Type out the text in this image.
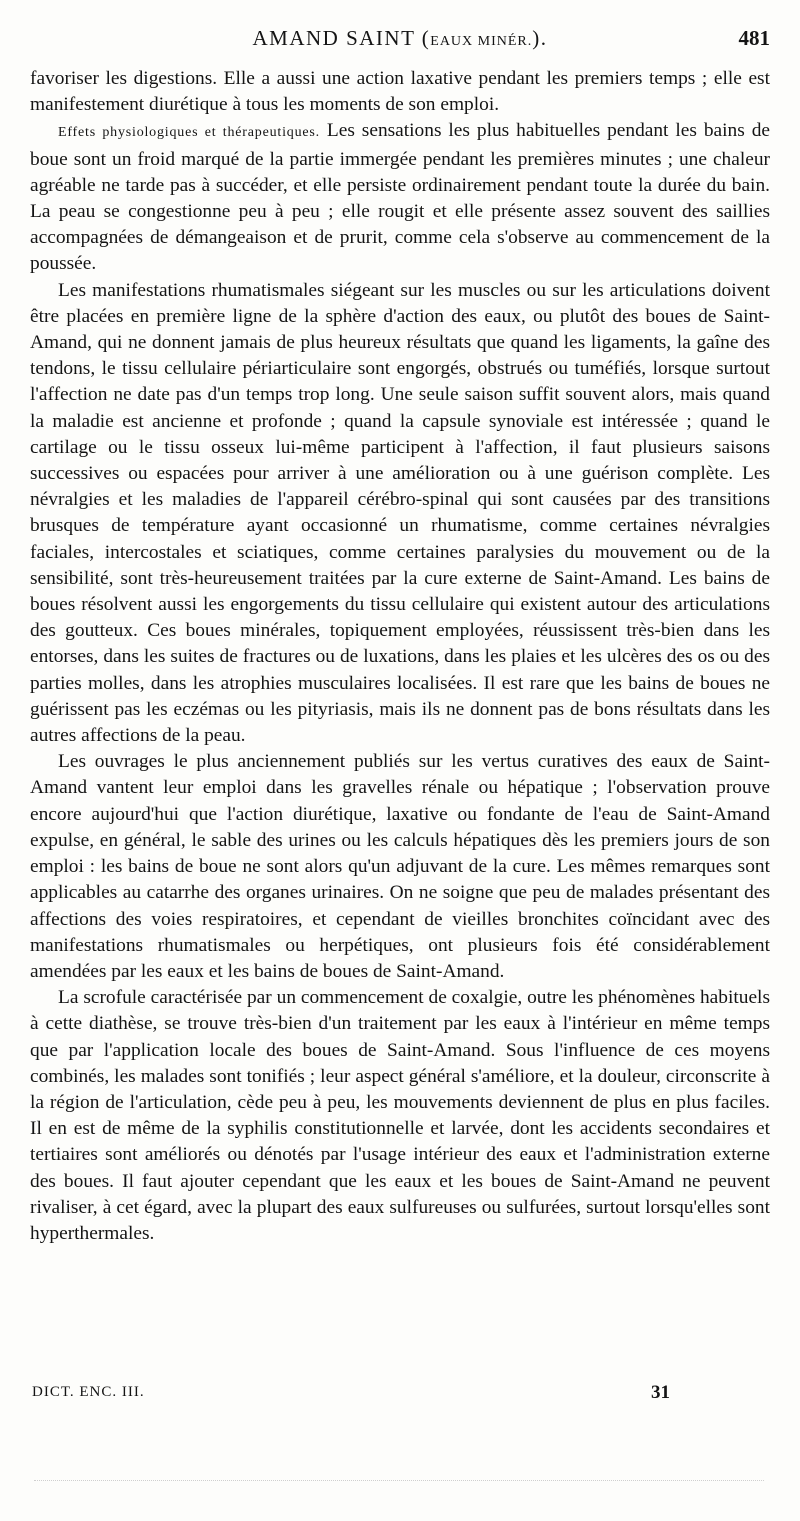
AMAND SAINT (EAUX MINÉR.).	481

favoriser les digestions. Elle a aussi une action laxative pendant les premiers temps ; elle est manifestement diurétique à tous les moments de son emploi.

Effets physiologiques et thérapeutiques. Les sensations les plus habituelles pendant les bains de boue sont un froid marqué de la partie immergée pendant les premières minutes ; une chaleur agréable ne tarde pas à succéder, et elle persiste ordinairement pendant toute la durée du bain. La peau se congestionne peu à peu ; elle rougit et elle présente assez souvent des saillies accompagnées de démangeaison et de prurit, comme cela s'observe au commencement de la poussée.

Les manifestations rhumatismales siégeant sur les muscles ou sur les articulations doivent être placées en première ligne de la sphère d'action des eaux, ou plutôt des boues de Saint-Amand, qui ne donnent jamais de plus heureux résultats que quand les ligaments, la gaîne des tendons, le tissu cellulaire périarticulaire sont engorgés, obstrués ou tuméfiés, lorsque surtout l'affection ne date pas d'un temps trop long. Une seule saison suffit souvent alors, mais quand la maladie est ancienne et profonde ; quand la capsule synoviale est intéressée ; quand le cartilage ou le tissu osseux lui-même participent à l'affection, il faut plusieurs saisons successives ou espacées pour arriver à une amélioration ou à une guérison complète. Les névralgies et les maladies de l'appareil cérébro-spinal qui sont causées par des transitions brusques de température ayant occasionné un rhumatisme, comme certaines névralgies faciales, intercostales et sciatiques, comme certaines paralysies du mouvement ou de la sensibilité, sont très-heureusement traitées par la cure externe de Saint-Amand. Les bains de boues résolvent aussi les engorgements du tissu cellulaire qui existent autour des articulations des goutteux. Ces boues minérales, topiquement employées, réussissent très-bien dans les entorses, dans les suites de fractures ou de luxations, dans les plaies et les ulcères des os ou des parties molles, dans les atrophies musculaires localisées. Il est rare que les bains de boues ne guérissent pas les eczémas ou les pityriasis, mais ils ne donnent pas de bons résultats dans les autres affections de la peau.

Les ouvrages le plus anciennement publiés sur les vertus curatives des eaux de Saint-Amand vantent leur emploi dans les gravelles rénale ou hépatique ; l'observation prouve encore aujourd'hui que l'action diurétique, laxative ou fondante de l'eau de Saint-Amand expulse, en général, le sable des urines ou les calculs hépatiques dès les premiers jours de son emploi : les bains de boue ne sont alors qu'un adjuvant de la cure. Les mêmes remarques sont applicables au catarrhe des organes urinaires. On ne soigne que peu de malades présentant des affections des voies respiratoires, et cependant de vieilles bronchites coïncidant avec des manifestations rhumatismales ou herpétiques, ont plusieurs fois été considérablement amendées par les eaux et les bains de boues de Saint-Amand.

La scrofule caractérisée par un commencement de coxalgie, outre les phénomènes habituels à cette diathèse, se trouve très-bien d'un traitement par les eaux à l'intérieur en même temps que par l'application locale des boues de Saint-Amand. Sous l'influence de ces moyens combinés, les malades sont tonifiés ; leur aspect général s'améliore, et la douleur, circonscrite à la région de l'articulation, cède peu à peu, les mouvements deviennent de plus en plus faciles. Il en est de même de la syphilis constitutionnelle et larvée, dont les accidents secondaires et tertiaires sont améliorés ou dénotés par l'usage intérieur des eaux et l'administration externe des boues. Il faut ajouter cependant que les eaux et les boues de Saint-Amand ne peuvent rivaliser, à cet égard, avec la plupart des eaux sulfureuses ou sulfurées, surtout lorsqu'elles sont hyperthermales.

DICT. ENC. III.	31
